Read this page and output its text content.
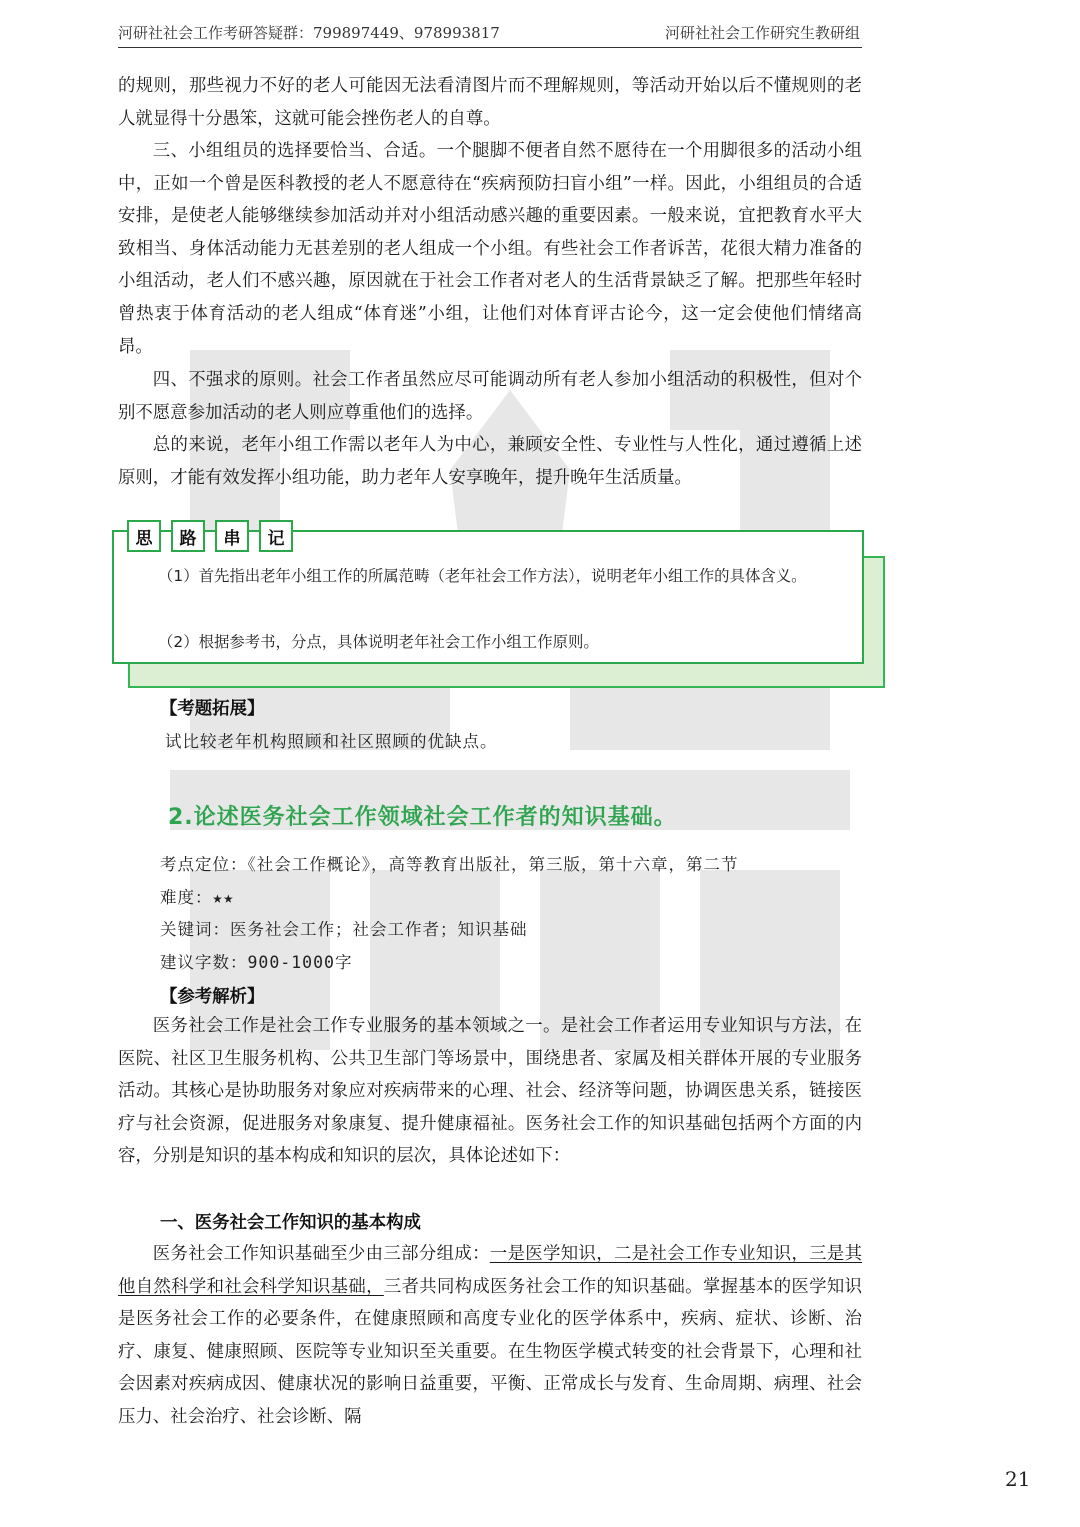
河研社社会工作考研答疑群：799897449、978993817	河研社社会工作研究生教研组

的规则，那些视力不好的老人可能因无法看清图片而不理解规则，等活动开始以后不懂规则的老人就显得十分愚笨，这就可能会挫伤老人的自尊。

三、小组组员的选择要恰当、合适。一个腿脚不便者自然不愿待在一个用脚很多的活动小组中，正如一个曾是医科教授的老人不愿意待在“疾病预防扫盲小组”一样。因此，小组组员的合适安排，是使老人能够继续参加活动并对小组活动感兴趣的重要因素。一般来说，宜把教育水平大致相当、身体活动能力无甚差别的老人组成一个小组。有些社会工作者诉苦，花很大精力准备的小组活动，老人们不感兴趣，原因就在于社会工作者对老人的生活背景缺乏了解。把那些年轻时曾热衷于体育活动的老人组成“体育迷”小组，让他们对体育评古论今，这一定会使他们情绪高昂。

四、不强求的原则。社会工作者虽然应尽可能调动所有老人参加小组活动的积极性，但对个别不愿意参加活动的老人则应尊重他们的选择。

总的来说，老年小组工作需以老年人为中心，兼顾安全性、专业性与人性化，通过遵循上述原则，才能有效发挥小组功能，助力老年人安享晚年，提升晚年生活质量。

思	路	串	记

（1）首先指出老年小组工作的所属范畴（老年社会工作方法），说明老年小组工作的具体含义。

（2）根据参考书，分点，具体说明老年社会工作小组工作原则。

【考题拓展】
试比较老年机构照顾和社区照顾的优缺点。
2.论述医务社会工作领域社会工作者的知识基础。
考点定位：《社会工作概论》，高等教育出版社，第三版，第十六章，第二节
难度：★★
关键词：医务社会工作；社会工作者；知识基础
建议字数：900-1000字
【参考解析】

医务社会工作是社会工作专业服务的基本领域之一。是社会工作者运用专业知识与方法，在医院、社区卫生服务机构、公共卫生部门等场景中，围绕患者、家属及相关群体开展的专业服务活动。其核心是协助服务对象应对疾病带来的心理、社会、经济等问题，协调医患关系，链接医疗与社会资源，促进服务对象康复、提升健康福祉。医务社会工作的知识基础包括两个方面的内容，分别是知识的基本构成和知识的层次，具体论述如下：

一、医务社会工作知识的基本构成

医务社会工作知识基础至少由三部分组成：一是医学知识，二是社会工作专业知识，三是其他自然科学和社会科学知识基础，三者共同构成医务社会工作的知识基础。掌握基本的医学知识是医务社会工作的必要条件，在健康照顾和高度专业化的医学体系中，疾病、症状、诊断、治疗、康复、健康照顾、医院等专业知识至关重要。在生物医学模式转变的社会背景下，心理和社会因素对疾病成因、健康状况的影响日益重要，平衡、正常成长与发育、生命周期、病理、社会压力、社会治疗、社会诊断、隔

21
